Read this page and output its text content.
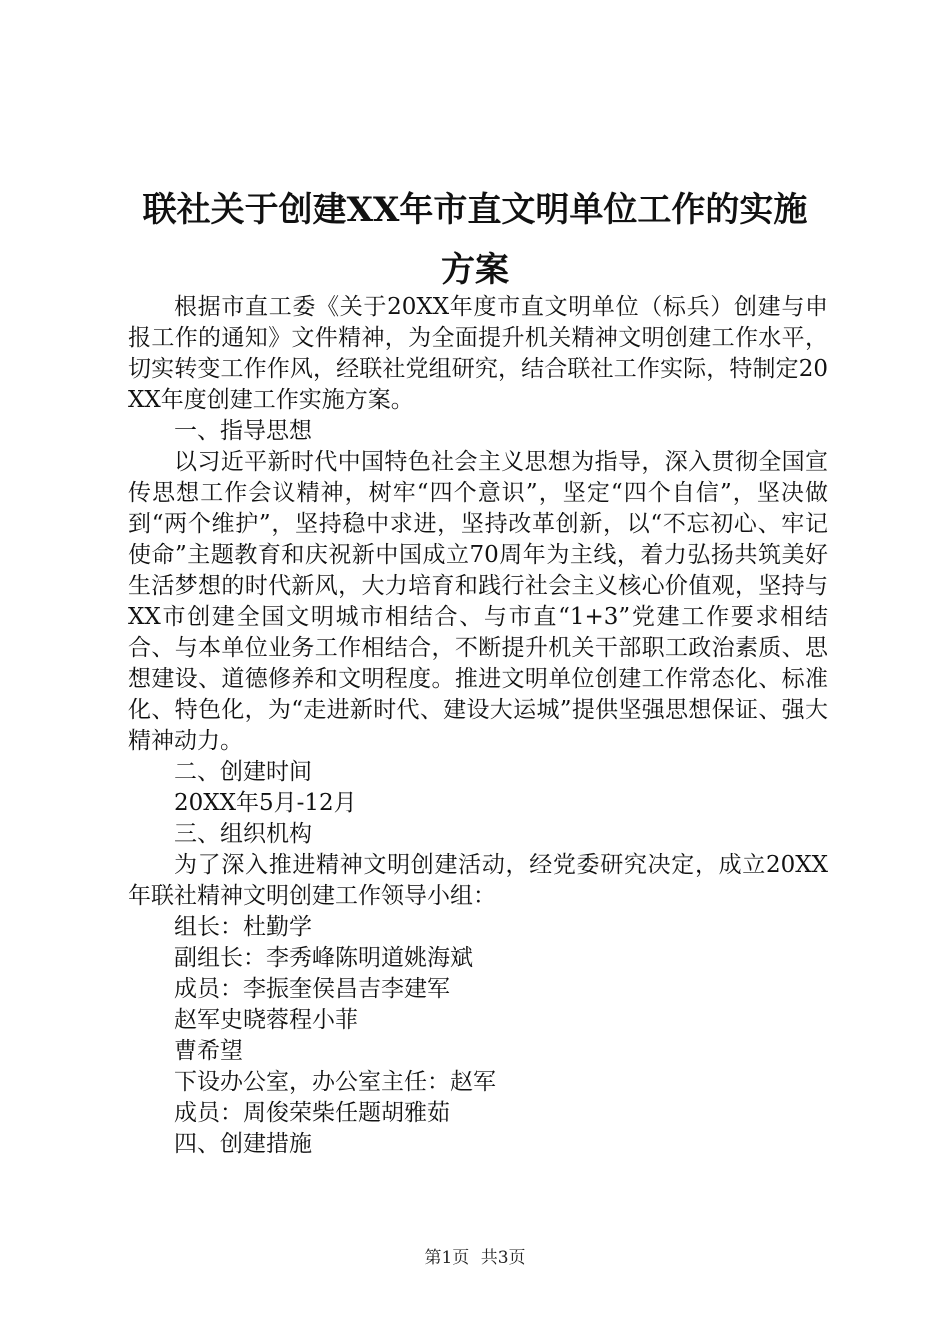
联社关于创建XX年市直文明单位工作的实施
方案

根据市直工委《关于20XX年度市直文明单位（标兵）创建与申报工作的通知》文件精神，为全面提升机关精神文明创建工作水平，切实转变工作作风，经联社党组研究，结合联社工作实际，特制定20XX年度创建工作实施方案。

一、指导思想

以习近平新时代中国特色社会主义思想为指导，深入贯彻全国宣传思想工作会议精神，树牢“四个意识”，坚定“四个自信”，坚决做到“两个维护”，坚持稳中求进，坚持改革创新，以“不忘初心、牢记使命”主题教育和庆祝新中国成立70周年为主线，着力弘扬共筑美好生活梦想的时代新风，大力培育和践行社会主义核心价值观，坚持与XX市创建全国文明城市相结合、与市直“1+3”党建工作要求相结合、与本单位业务工作相结合，不断提升机关干部职工政治素质、思想建设、道德修养和文明程度。推进文明单位创建工作常态化、标准化、特色化，为“走进新时代、建设大运城”提供坚强思想保证、强大精神动力。

二、创建时间

20XX年5月-12月

三、组织机构

为了深入推进精神文明创建活动，经党委研究决定，成立20XX年联社精神文明创建工作领导小组：

组长：杜勤学

副组长：李秀峰陈明道姚海斌

成员：李振奎侯昌吉李建军

赵军史晓蓉程小菲

曹希望

下设办公室，办公室主任：赵军

成员：周俊荣柴任题胡雅茹

四、创建措施

第1页 共3页
